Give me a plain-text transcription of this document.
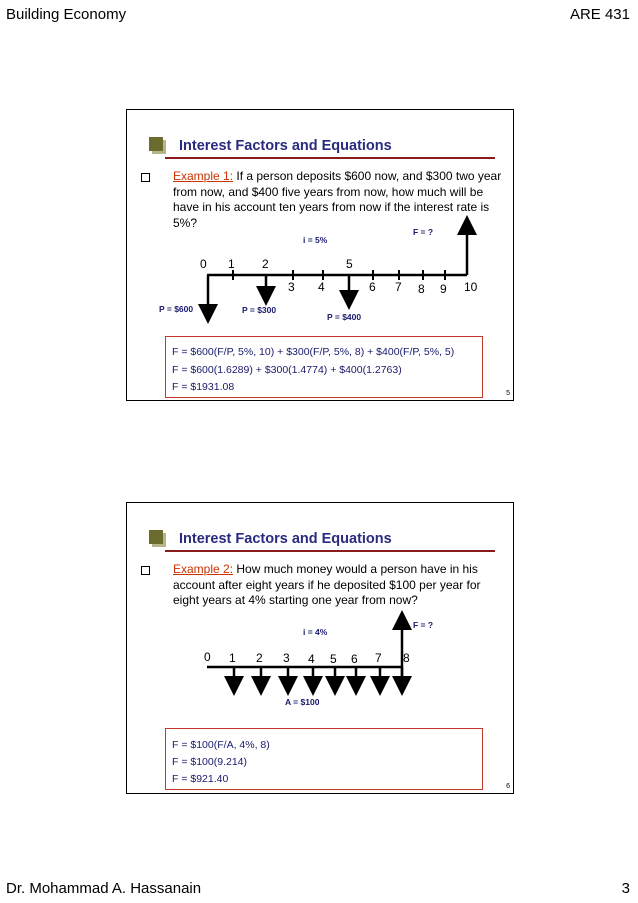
Building Economy	ARE 431
Interest Factors and Equations
Example 1: If a person deposits $600 now, and $300 two year from now, and $400 five years from now, how much will be have in his account ten years from now if the interest rate is 5%?
i = 5%
F = ?
0 1 2
3 4
5
6 7 8 9 10
P = $600	P = $300
P = $400
F = $600(F/P, 5%, 10) + $300(F/P, 5%, 8) + $400(F/P, 5%, 5)
F = $600(1.6289) + $300(1.4774) + $400(1.2763)
F = $1931.08
5
Interest Factors and Equations
Example 2: How much money would a person have in his account after eight years if he deposited $100 per year for eight years at 4% starting one year from now?
i = 4%
F = ?
0 1 2 3 4 5 6 7 8
A = $100
F = $100(F/A, 4%, 8)
F = $100(9.214)
F = $921.40
6
Dr. Mohammad A. Hassanain	3
